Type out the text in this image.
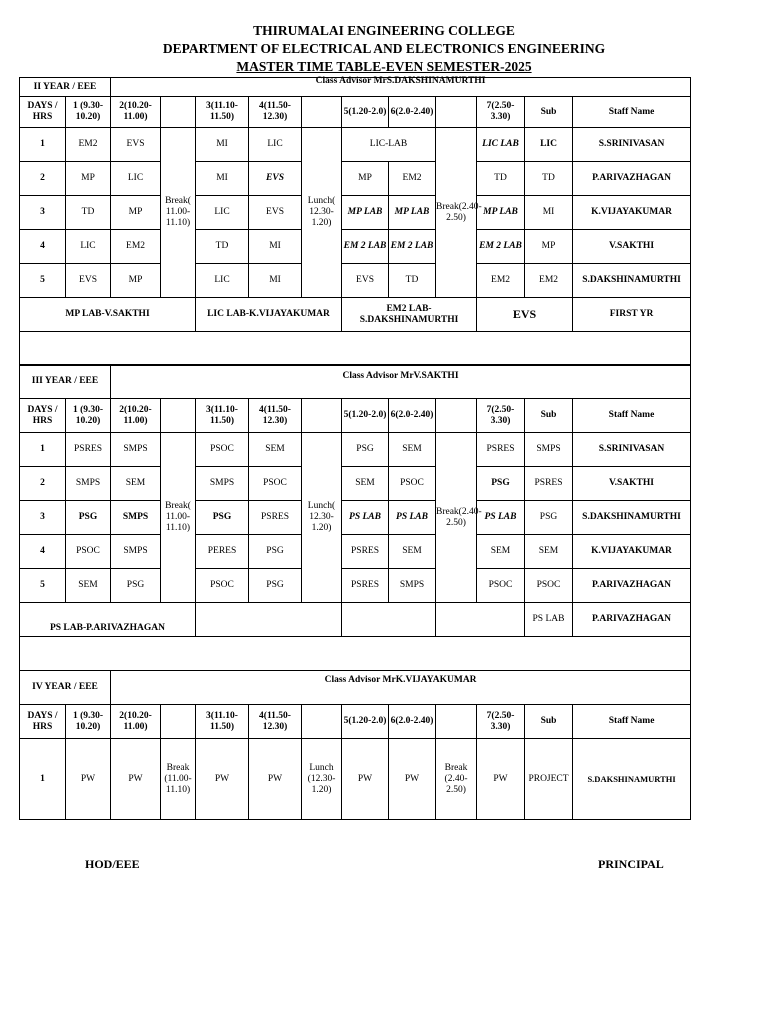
THIRUMALAI ENGINEERING COLLEGE
DEPARTMENT OF ELECTRICAL AND ELECTRONICS ENGINEERING
MASTER TIME TABLE-EVEN SEMESTER-2025
II YEAR / EEE		Class Advisor MrS.DAKSHINAMURTHI										
DAYS / HRS	1 (9.30-10.20)	2(10.20-11.00)		3(11.10-11.50)	4(11.50-12.30)		5(1.20-2.0)	6(2.0-2.40)		7(2.50-3.30)	Sub	Staff Name
1	EM2	EVS	Break( 11.00-11.10)	MI	LIC	Lunch( 12.30-1.20)	LIC-LAB		Break(2.40-2.50)	LIC LAB	LIC	S.SRINIVASAN
2	MP	LIC		MI	EVS		MP	EM2		TD	TD	P.ARIVAZHAGAN
3	TD	MP		LIC	EVS		MP LAB	MP LAB		MP LAB	MI	K.VIJAYAKUMAR
4	LIC	EM2		TD	MI		EM 2 LAB	EM 2 LAB		EM 2 LAB	MP	V.SAKTHI
5	EVS	MP		LIC	MI		EVS	TD		EM2	EM2	S.DAKSHINAMURTHI
MP LAB-V.SAKTHI				LIC LAB-K.VIJAYAKUMAR			EM2 LAB-S.DAKSHINAMURTHI			EVS		FIRST YR

III YEAR / EEE		Class Advisor MrV.SAKTHI										
DAYS / HRS	1 (9.30-10.20)	2(10.20-11.00)		3(11.10-11.50)	4(11.50-12.30)		5(1.20-2.0)	6(2.0-2.40)		7(2.50-3.30)	Sub	Staff Name
1	PSRES	SMPS	Break( 11.00-11.10)	PSOC	SEM	Lunch( 12.30-1.20)	PSG	SEM	Break(2.40-2.50)	PSRES	SMPS	S.SRINIVASAN
2	SMPS	SEM		SMPS	PSOC		SEM	PSOC		PSG	PSRES	V.SAKTHI
3	PSG	SMPS		PSG	PSRES		PS LAB	PS LAB		PS LAB	PSG	S.DAKSHINAMURTHI
4	PSOC	SMPS		PERES	PSG		PSRES	SEM		SEM	SEM	K.VIJAYAKUMAR
5	SEM	PSG		PSOC	PSG		PSRES	SMPS		PSOC	PSOC	P.ARIVAZHAGAN
PS LAB-P.ARIVAZHAGAN											PS LAB	P.ARIVAZHAGAN

IV YEAR / EEE		Class Advisor MrK.VIJAYAKUMAR										
DAYS / HRS	1 (9.30-10.20)	2(10.20-11.00)		3(11.10-11.50)	4(11.50-12.30)		5(1.20-2.0)	6(2.0-2.40)		7(2.50-3.30)	Sub	Staff Name
1	PW	PW	Break (11.00-11.10)	PW	PW	Lunch (12.30-1.20)	PW	PW	Break (2.40-2.50)	PW	PROJECT	S.DAKSHINAMURTHI
HOD/EEE	PRINCIPAL
